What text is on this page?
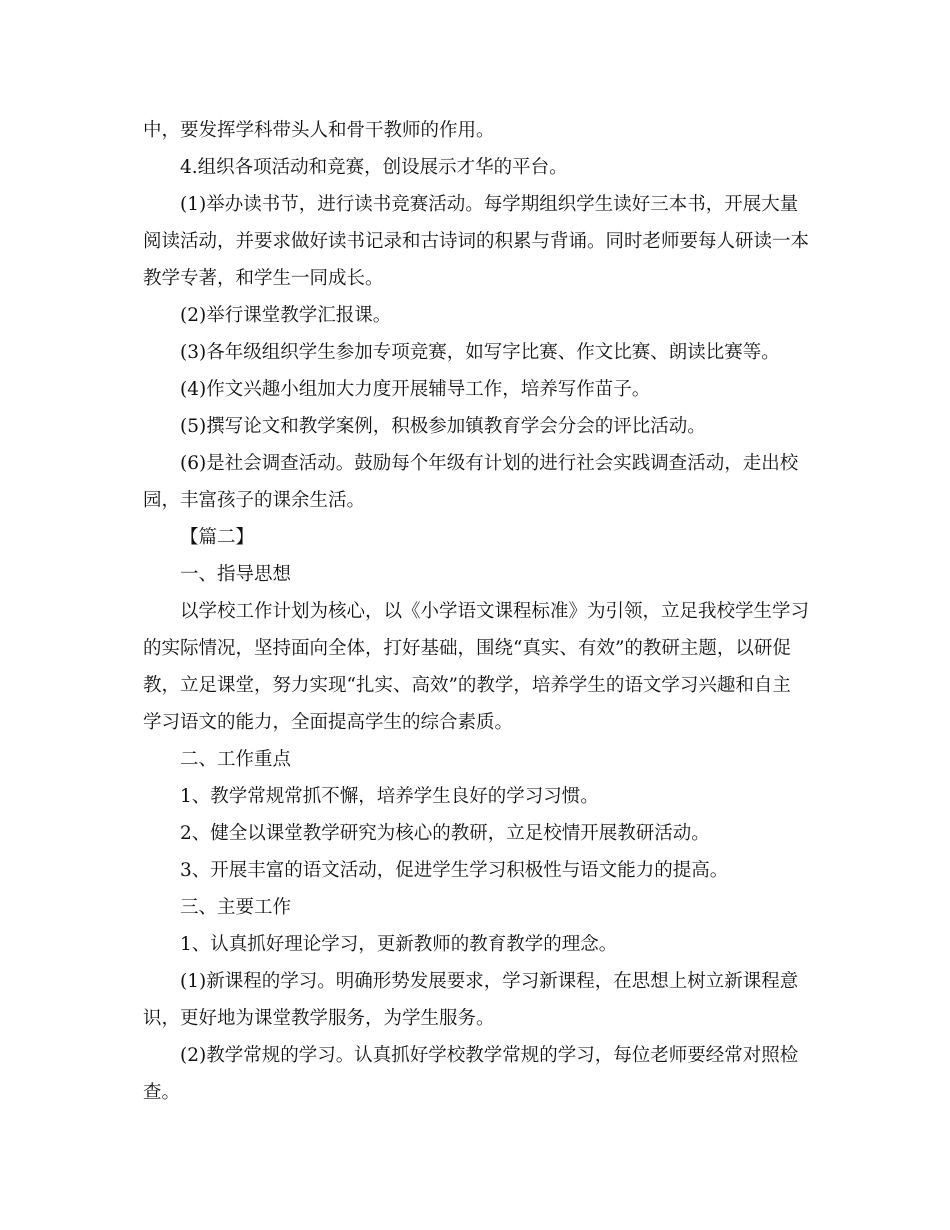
中，要发挥学科带头人和骨干教师的作用。

4.组织各项活动和竞赛，创设展示才华的平台。

(1)举办读书节，进行读书竞赛活动。每学期组织学生读好三本书，开展大量阅读活动，并要求做好读书记录和古诗词的积累与背诵。同时老师要每人研读一本教学专著，和学生一同成长。

(2)举行课堂教学汇报课。

(3)各年级组织学生参加专项竞赛，如写字比赛、作文比赛、朗读比赛等。

(4)作文兴趣小组加大力度开展辅导工作，培养写作苗子。

(5)撰写论文和教学案例，积极参加镇教育学会分会的评比活动。

(6)是社会调查活动。鼓励每个年级有计划的进行社会实践调查活动，走出校园，丰富孩子的课余生活。

【篇二】

一、指导思想

以学校工作计划为核心，以《小学语文课程标准》为引领，立足我校学生学习的实际情况，坚持面向全体，打好基础，围绕“真实、有效”的教研主题，以研促教，立足课堂，努力实现“扎实、高效”的教学，培养学生的语文学习兴趣和自主学习语文的能力，全面提高学生的综合素质。

二、工作重点

1、教学常规常抓不懈，培养学生良好的学习习惯。

2、健全以课堂教学研究为核心的教研，立足校情开展教研活动。

3、开展丰富的语文活动，促进学生学习积极性与语文能力的提高。

三、主要工作

1、认真抓好理论学习，更新教师的教育教学的理念。

(1)新课程的学习。明确形势发展要求，学习新课程，在思想上树立新课程意识，更好地为课堂教学服务，为学生服务。

(2)教学常规的学习。认真抓好学校教学常规的学习，每位老师要经常对照检查。
